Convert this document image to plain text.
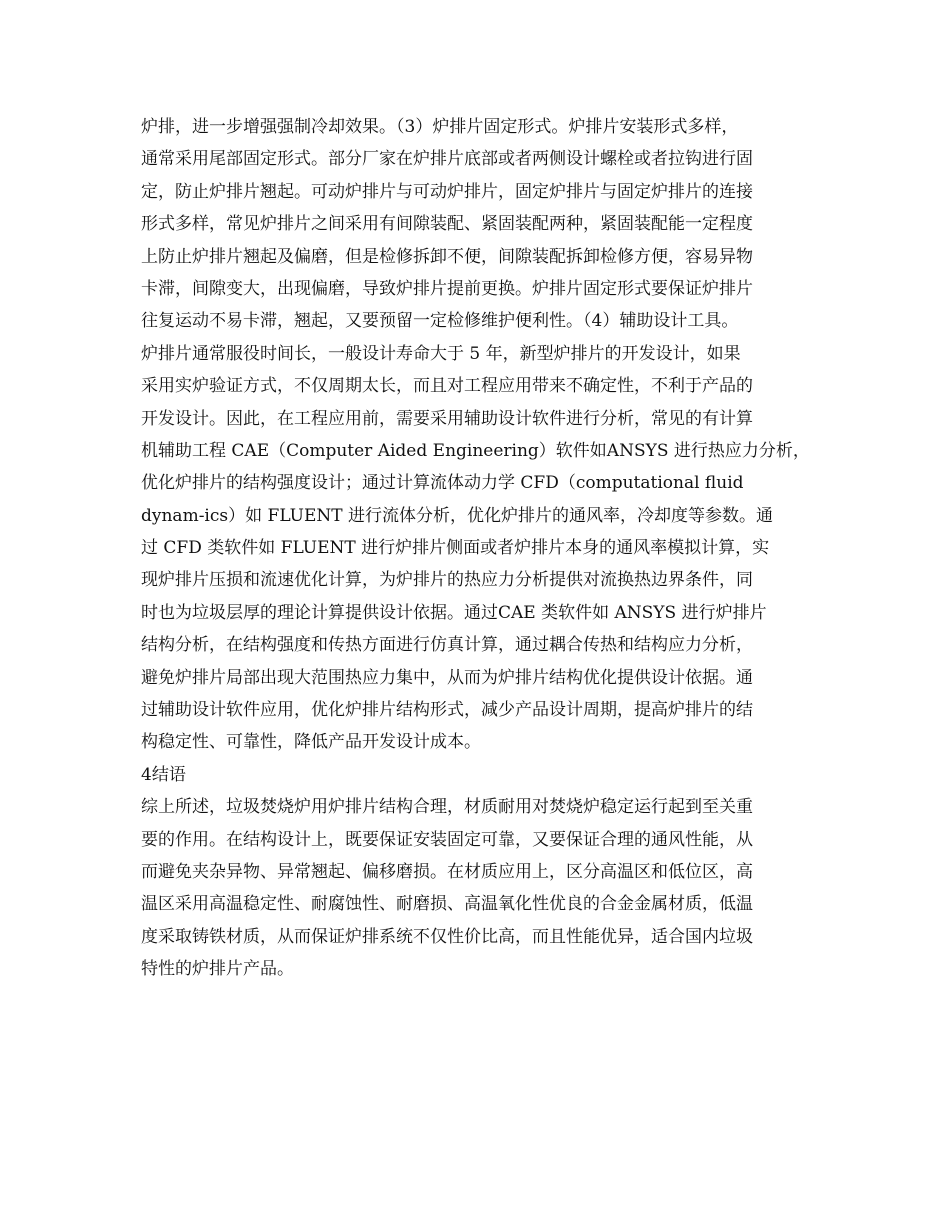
炉排，进一步增强强制冷却效果。（3）炉排片固定形式。炉排片安装形式多样，
通常采用尾部固定形式。部分厂家在炉排片底部或者两侧设计螺栓或者拉钩进行固
定，防止炉排片翘起。可动炉排片与可动炉排片，固定炉排片与固定炉排片的连接
形式多样，常见炉排片之间采用有间隙装配、紧固装配两种，紧固装配能一定程度
上防止炉排片翘起及偏磨，但是检修拆卸不便，间隙装配拆卸检修方便，容易异物
卡滞，间隙变大，出现偏磨，导致炉排片提前更换。炉排片固定形式要保证炉排片
往复运动不易卡滞，翘起，又要预留一定检修维护便利性。（4）辅助设计工具。
炉排片通常服役时间长，一般设计寿命大于 5 年，新型炉排片的开发设计，如果
采用实炉验证方式，不仅周期太长，而且对工程应用带来不确定性，不利于产品的
开发设计。因此，在工程应用前，需要采用辅助设计软件进行分析，常见的有计算
机辅助工程 CAE（Computer Aided Engineering）软件如ANSYS 进行热应力分析，
优化炉排片的结构强度设计；通过计算流体动力学 CFD（computational fluid
dynam-ics）如 FLUENT 进行流体分析，优化炉排片的通风率，冷却度等参数。通
过 CFD 类软件如 FLUENT 进行炉排片侧面或者炉排片本身的通风率模拟计算，实
现炉排片压损和流速优化计算，为炉排片的热应力分析提供对流换热边界条件，同
时也为垃圾层厚的理论计算提供设计依据。通过CAE 类软件如 ANSYS 进行炉排片
结构分析，在结构强度和传热方面进行仿真计算，通过耦合传热和结构应力分析，
避免炉排片局部出现大范围热应力集中，从而为炉排片结构优化提供设计依据。通
过辅助设计软件应用，优化炉排片结构形式，减少产品设计周期，提高炉排片的结
构稳定性、可靠性，降低产品开发设计成本。
4结语
综上所述，垃圾焚烧炉用炉排片结构合理，材质耐用对焚烧炉稳定运行起到至关重
要的作用。在结构设计上，既要保证安装固定可靠，又要保证合理的通风性能，从
而避免夹杂异物、异常翘起、偏移磨损。在材质应用上，区分高温区和低位区，高
温区采用高温稳定性、耐腐蚀性、耐磨损、高温氧化性优良的合金金属材质，低温
度采取铸铁材质，从而保证炉排系统不仅性价比高，而且性能优异，适合国内垃圾
特性的炉排片产品。
